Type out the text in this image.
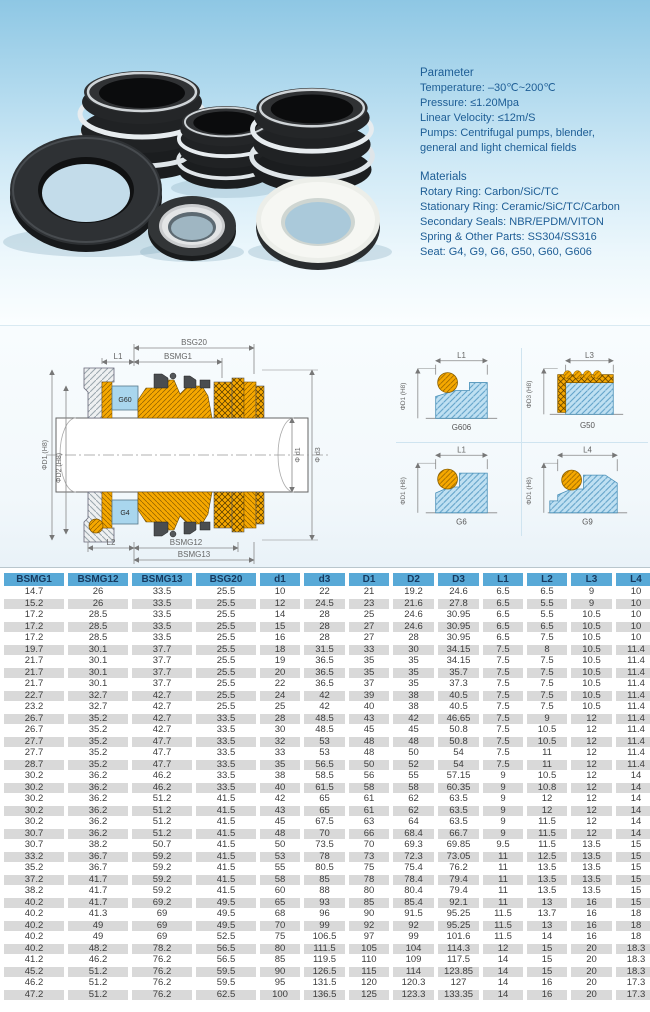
Parameter
Temperature: –30℃~200℃
Pressure: ≤1.20Mpa
Linear Velocity: ≤12m/S
Pumps: Centrifugal pumps, blender,
general and light chemical fields
Materials
Rotary Ring: Carbon/SiC/TC
Stationary Ring: Ceramic/SiC/TC/Carbon
Secondary Seals: NBR/EPDM/VITON
Spring & Other Parts: SS304/SS316
Seat: G4, G9, G6, G50, G60, G606
G60
G4
BSG20
BSMG1
L1
ΦD1 (H8) ΦD2 (H8)	Φ d1 Φ d3
L2	BSMG12
BSMG13
L1
ΦD1 (H8)
G606
L3
ΦD3 (H8)
G50
L1
ΦD1 (H8)
G6
L4
ΦD1 (H8)
G9
BSMG1	BSMG12	BSMG13	BSG20	d1	d3	D1	D2	D3	L1	L2	L3	L4
14.7	26	33.5	25.5	10	22	21	19.2	24.6	6.5	6.5	9	10
15.2	26	33.5	25.5	12	24.5	23	21.6	27.8	6.5	5.5	9	10
17.2	28.5	33.5	25.5	14	28	25	24.6	30.95	6.5	5.5	10.5	10
17.2	28.5	33.5	25.5	15	28	27	24.6	30.95	6.5	6.5	10.5	10
17.2	28.5	33.5	25.5	16	28	27	28	30.95	6.5	7.5	10.5	10
19.7	30.1	37.7	25.5	18	31.5	33	30	34.15	7.5	8	10.5	11.4
21.7	30.1	37.7	25.5	19	36.5	35	35	34.15	7.5	7.5	10.5	11.4
21.7	30.1	37.7	25.5	20	36.5	35	35	35.7	7.5	7.5	10.5	11.4
21.7	30.1	37.7	25.5	22	36.5	37	35	37.3	7.5	7.5	10.5	11.4
22.7	32.7	42.7	25.5	24	42	39	38	40.5	7.5	7.5	10.5	11.4
23.2	32.7	42.7	25.5	25	42	40	38	40.5	7.5	7.5	10.5	11.4
26.7	35.2	42.7	33.5	28	48.5	43	42	46.65	7.5	9	12	11.4
26.7	35.2	42.7	33.5	30	48.5	45	45	50.8	7.5	10.5	12	11.4
27.7	35.2	47.7	33.5	32	53	48	48	50.8	7.5	10.5	12	11.4
27.7	35.2	47.7	33.5	33	53	48	50	54	7.5	11	12	11.4
28.7	35.2	47.7	33.5	35	56.5	50	52	54	7.5	11	12	11.4
30.2	36.2	46.2	33.5	38	58.5	56	55	57.15	9	10.5	12	14
30.2	36.2	46.2	33.5	40	61.5	58	58	60.35	9	10.8	12	14
30.2	36.2	51.2	41.5	42	65	61	62	63.5	9	12	12	14
30.2	36.2	51.2	41.5	43	65	61	62	63.5	9	12	12	14
30.2	36.2	51.2	41.5	45	67.5	63	64	63.5	9	11.5	12	14
30.7	36.2	51.2	41.5	48	70	66	68.4	66.7	9	11.5	12	14
30.7	38.2	50.7	41.5	50	73.5	70	69.3	69.85	9.5	11.5	13.5	15
33.2	36.7	59.2	41.5	53	78	73	72.3	73.05	11	12.5	13.5	15
35.2	36.7	59.2	41.5	55	80.5	75	75.4	76.2	11	13.5	13.5	15
37.2	41.7	59.2	41.5	58	85	78	78.4	79.4	11	13.5	13.5	15
38.2	41.7	59.2	41.5	60	88	80	80.4	79.4	11	13.5	13.5	15
40.2	41.7	69.2	49.5	65	93	85	85.4	92.1	11	13	16	15
40.2	41.3	69	49.5	68	96	90	91.5	95.25	11.5	13.7	16	18
40.2	49	69	49.5	70	99	92	92	95.25	11.5	13	16	18
40.2	49	69	52.5	75	106.5	97	99	101.6	11.5	14	16	18
40.2	48.2	78.2	56.5	80	111.5	105	104	114.3	12	15	20	18.3
41.2	46.2	76.2	56.5	85	119.5	110	109	117.5	14	15	20	18.3
45.2	51.2	76.2	59.5	90	126.5	115	114	123.85	14	15	20	18.3
46.2	51.2	76.2	59.5	95	131.5	120	120.3	127	14	16	20	17.3
47.2	51.2	76.2	62.5	100	136.5	125	123.3	133.35	14	16	20	17.3
